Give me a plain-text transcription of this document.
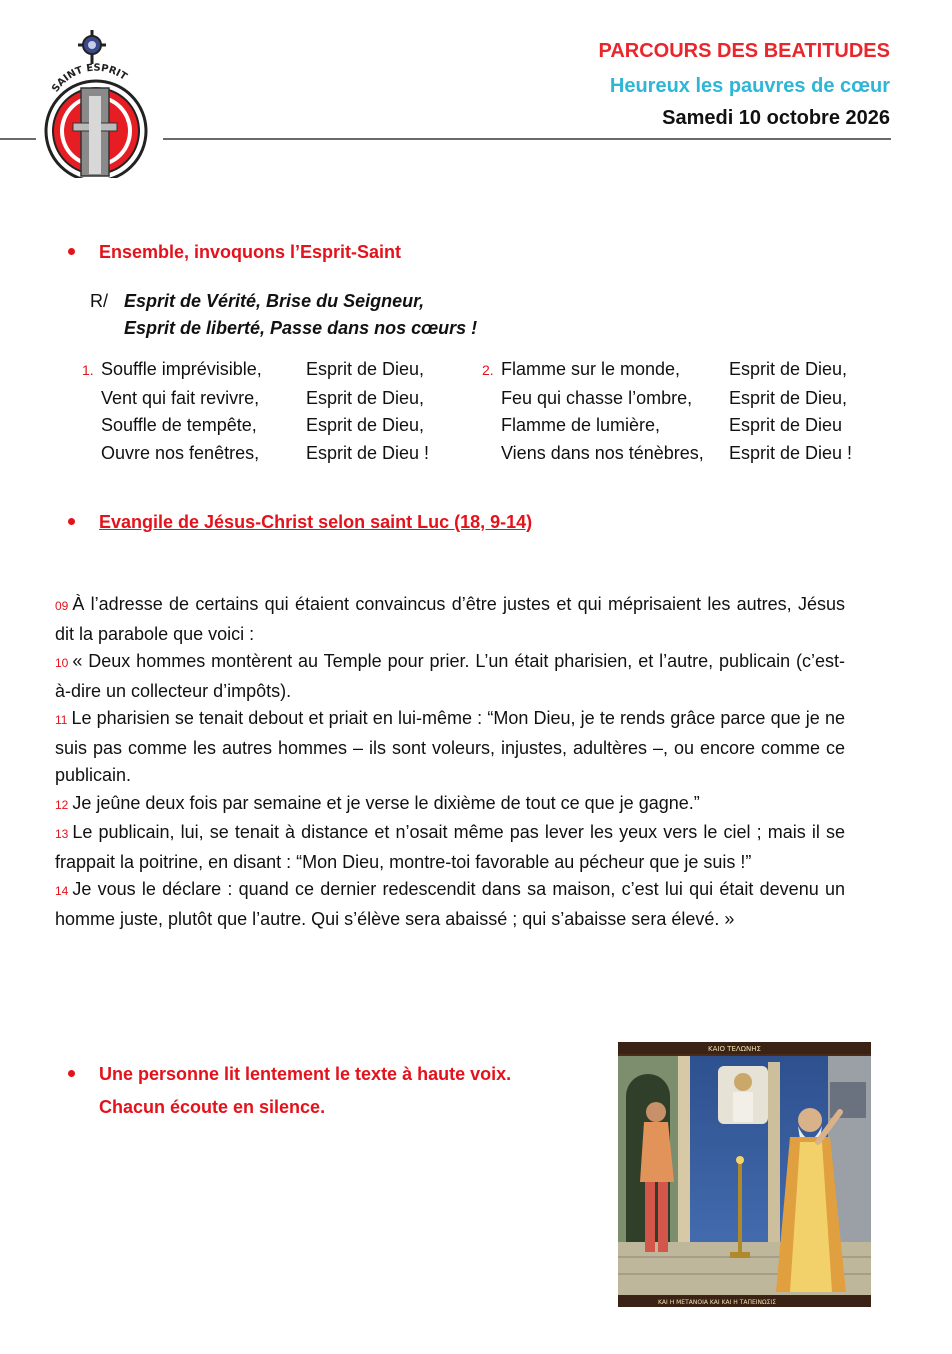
SAINT ESPRIT
PARCOURS DES BEATITUDES
Heureux les pauvres de cœur
Samedi 10 octobre 2026
Ensemble, invoquons l’Esprit-Saint
R/ Esprit de Vérité, Brise du Seigneur,
Esprit de liberté, Passe dans nos cœurs !
1. Souffle imprévisible, Esprit de Dieu,
Vent qui fait revivre,	Esprit de Dieu,
Souffle de tempête,	Esprit de Dieu,
Ouvre nos fenêtres,	Esprit de Dieu !
2. Flamme sur le monde,	Esprit de Dieu,
Feu qui chasse l’ombre, Esprit de Dieu,
Flamme de lumière,	Esprit de Dieu
Viens dans nos ténèbres, Esprit de Dieu !
Evangile de Jésus-Christ selon saint Luc (18, 9-14)

09 À l’adresse de certains qui étaient convaincus d’être justes et qui méprisaient les autres, Jésus dit la parabole que voici :

10 « Deux hommes montèrent au Temple pour prier. L’un était pharisien, et l’autre, publicain (c’est-à-dire un collecteur d’impôts).

11 Le pharisien se tenait debout et priait en lui-même : “Mon Dieu, je te rends grâce parce que je ne suis pas comme les autres hommes – ils sont voleurs, injustes, adultères –, ou encore comme ce publicain.

12 Je jeûne deux fois par semaine et je verse le dixième de tout ce que je gagne.”

13 Le publicain, lui, se tenait à distance et n’osait même pas lever les yeux vers le ciel ; mais il se frappait la poitrine, en disant : “Mon Dieu, montre-toi favorable au pécheur que je suis !”

14 Je vous le déclare : quand ce dernier redescendit dans sa maison, c’est lui qui était devenu un homme juste, plutôt que l’autre. Qui s’élève sera abaissé ; qui s’abaisse sera élevé. »

Une personne lit lentement le texte à haute voix.
Chacun écoute en silence.
ΚΑΙΟ ΤΕΛΩΝΗΣ
ΚΑΙ Η ΜΕΤΑΝΟΙΑ ΚΑΙ ΚΑΙ Η ΤΑΠΕΙΝΩΣΙΣ
